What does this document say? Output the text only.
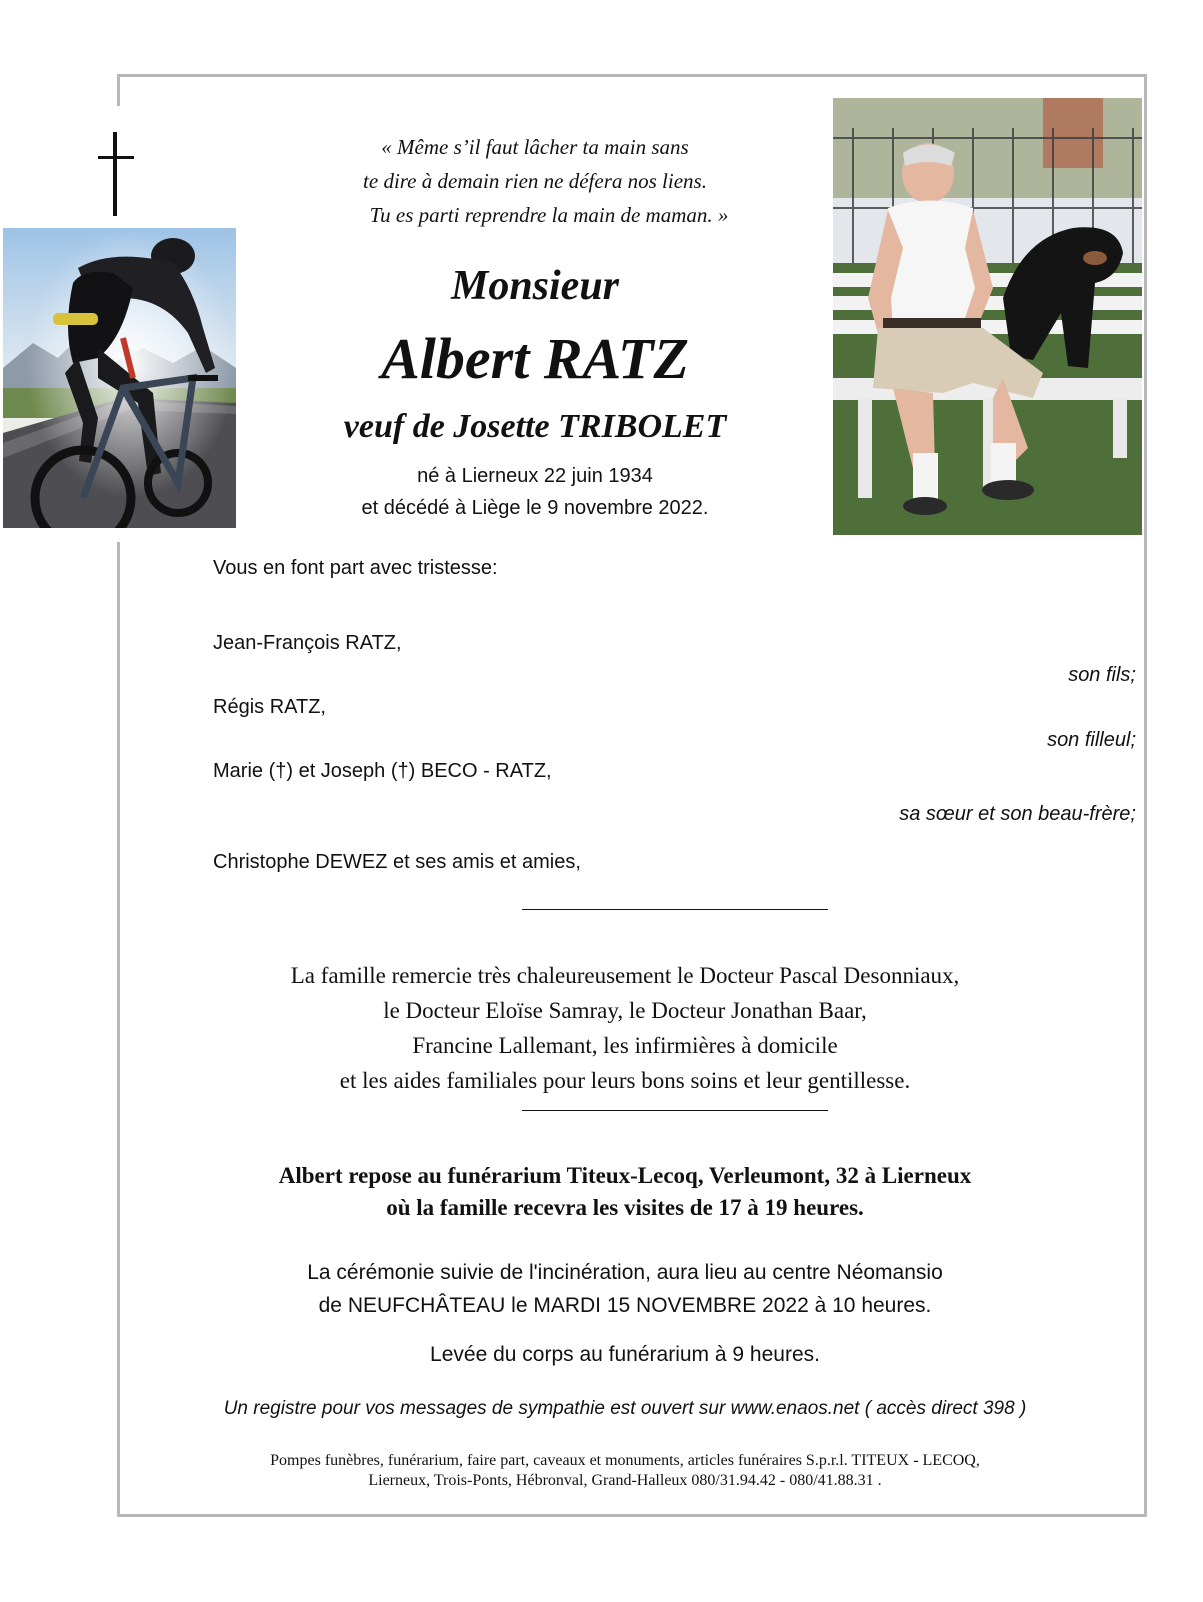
« Même s’il faut lâcher ta main sans
te dire à demain rien ne défera nos liens.
Tu es parti reprendre la main de maman. »
Monsieur
Albert RATZ
veuf de Josette TRIBOLET
né à Lierneux 22 juin 1934
et décédé à Liège le 9 novembre 2022.
Vous en font part avec tristesse:
Jean-François RATZ,
son fils;
Régis RATZ,
son filleul;
Marie (†) et Joseph (†) BECO - RATZ,
sa sœur et son beau-frère;
Christophe DEWEZ et ses amis et amies,
La famille remercie très chaleureusement le Docteur Pascal Desonniaux,
le Docteur Eloïse Samray, le Docteur Jonathan Baar,
Francine Lallemant, les infirmières à domicile
et les aides familiales pour leurs bons soins et leur gentillesse.
Albert repose au funérarium Titeux-Lecoq, Verleumont, 32 à Lierneux
où la famille recevra les visites de 17 à 19 heures.
La cérémonie suivie de l'incinération, aura lieu au centre Néomansio
de NEUFCHÂTEAU le MARDI 15 NOVEMBRE 2022 à 10 heures.
Levée du corps au funérarium à 9 heures.
Un registre pour vos messages de sympathie est ouvert sur www.enaos.net ( accès direct 398 )
Pompes funèbres, funérarium, faire part, caveaux et monuments, articles funéraires S.p.r.l. TITEUX - LECOQ,
Lierneux, Trois-Ponts, Hébronval, Grand-Halleux 080/31.94.42 - 080/41.88.31 .
